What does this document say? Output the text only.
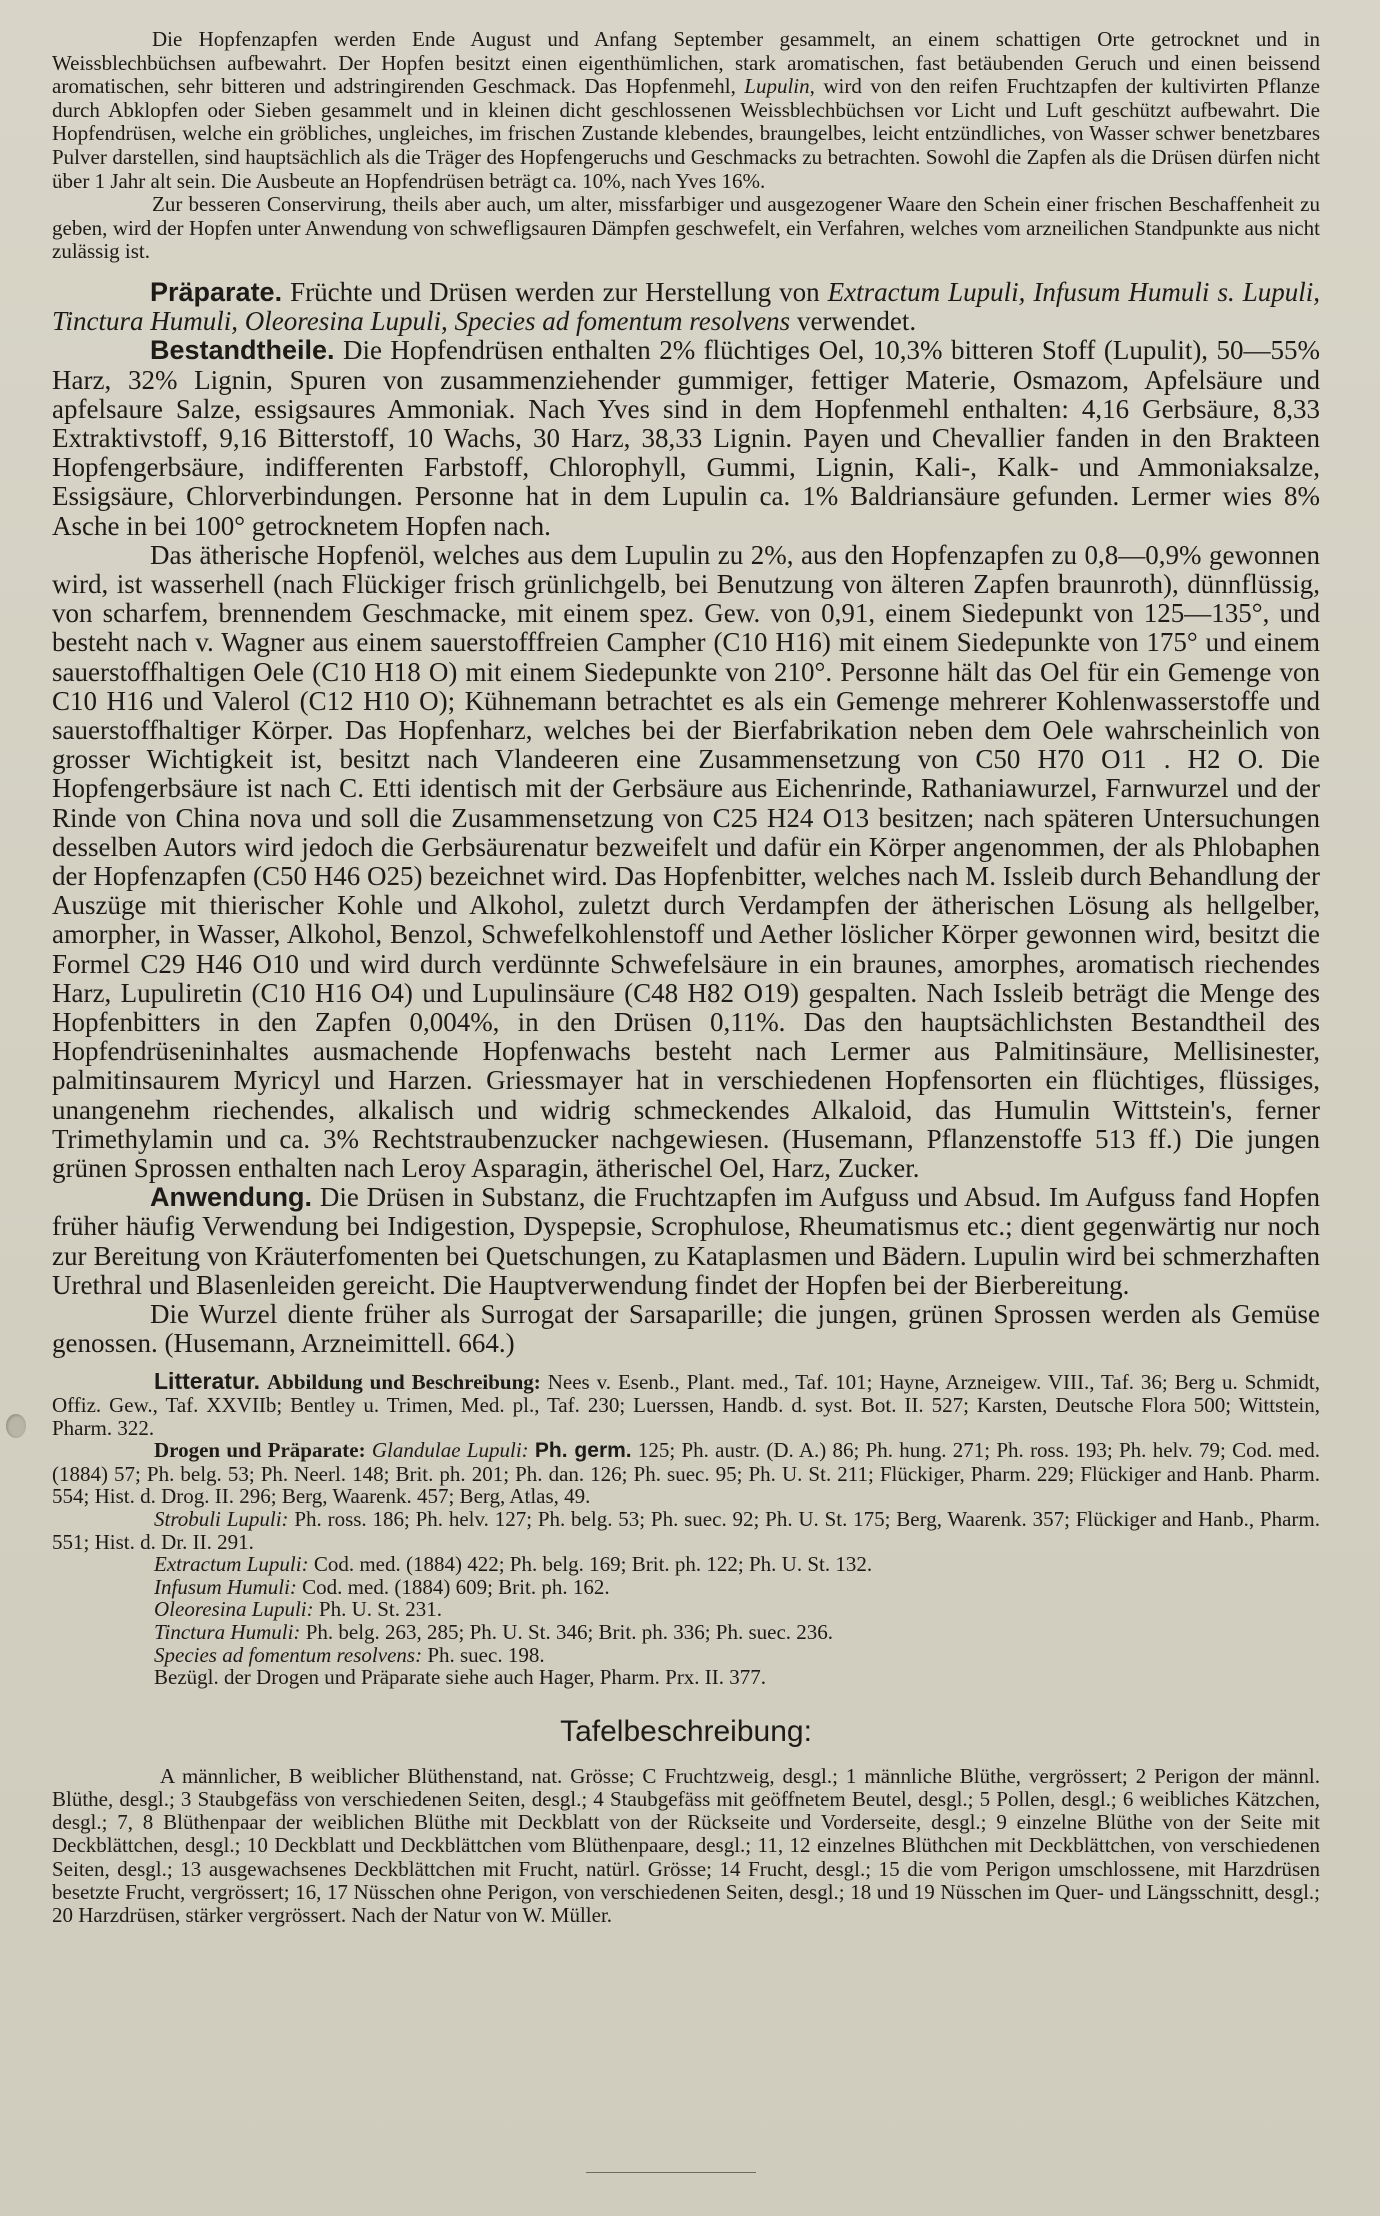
Die Hopfenzapfen werden Ende August und Anfang September gesammelt, an einem schattigen Orte getrocknet und in Weissblechbüchsen aufbewahrt. Der Hopfen besitzt einen eigenthümlichen, stark aromatischen, fast betäubenden Geruch und einen beissend aromatischen, sehr bitteren und adstringirenden Geschmack. Das Hopfenmehl, Lupulin, wird von den reifen Fruchtzapfen der kultivirten Pflanze durch Abklopfen oder Sieben gesammelt und in kleinen dicht geschlossenen Weissblechbüchsen vor Licht und Luft geschützt aufbewahrt. Die Hopfendrüsen, welche ein gröbliches, ungleiches, im frischen Zustande klebendes, braungelbes, leicht entzündliches, von Wasser schwer benetzbares Pulver darstellen, sind hauptsächlich als die Träger des Hopfengeruchs und Geschmacks zu betrachten. Sowohl die Zapfen als die Drüsen dürfen nicht über 1 Jahr alt sein. Die Ausbeute an Hopfendrüsen beträgt ca. 10%, nach Yves 16%.

Zur besseren Conservirung, theils aber auch, um alter, missfarbiger und ausgezogener Waare den Schein einer frischen Beschaffenheit zu geben, wird der Hopfen unter Anwendung von schwefligsauren Dämpfen geschwefelt, ein Verfahren, welches vom arzneilichen Standpunkte aus nicht zulässig ist.

Präparate. Früchte und Drüsen werden zur Herstellung von Extractum Lupuli, Infusum Humuli s. Lupuli, Tinctura Humuli, Oleoresina Lupuli, Species ad fomentum resolvens verwendet.

Bestandtheile. Die Hopfendrüsen enthalten 2% flüchtiges Oel, 10,3% bitteren Stoff (Lupulit), 50—55% Harz, 32% Lignin, Spuren von zusammenziehender gummiger, fettiger Materie, Osmazom, Apfelsäure und apfelsaure Salze, essigsaures Ammoniak. Nach Yves sind in dem Hopfenmehl enthalten: 4,16 Gerbsäure, 8,33 Extraktivstoff, 9,16 Bitterstoff, 10 Wachs, 30 Harz, 38,33 Lignin. Payen und Chevallier fanden in den Brakteen Hopfengerbsäure, indifferenten Farbstoff, Chlorophyll, Gummi, Lignin, Kali-, Kalk- und Ammoniaksalze, Essigsäure, Chlorverbindungen. Personne hat in dem Lupulin ca. 1% Baldriansäure gefunden. Lermer wies 8% Asche in bei 100° getrocknetem Hopfen nach.

Das ätherische Hopfenöl, welches aus dem Lupulin zu 2%, aus den Hopfenzapfen zu 0,8—0,9% gewonnen wird, ist wasserhell (nach Flückiger frisch grünlichgelb, bei Benutzung von älteren Zapfen braunroth), dünnflüssig, von scharfem, brennendem Geschmacke, mit einem spez. Gew. von 0,91, einem Siedepunkt von 125—135°, und besteht nach v. Wagner aus einem sauerstofffreien Campher (C10 H16) mit einem Siedepunkte von 175° und einem sauerstoffhaltigen Oele (C10 H18 O) mit einem Siedepunkte von 210°. Personne hält das Oel für ein Gemenge von C10 H16 und Valerol (C12 H10 O); Kühnemann betrachtet es als ein Gemenge mehrerer Kohlenwasserstoffe und sauerstoffhaltiger Körper. Das Hopfenharz, welches bei der Bierfabrikation neben dem Oele wahrscheinlich von grosser Wichtigkeit ist, besitzt nach Vlandeeren eine Zusammensetzung von C50 H70 O11 . H2 O. Die Hopfengerbsäure ist nach C. Etti identisch mit der Gerbsäure aus Eichenrinde, Rathaniawurzel, Farnwurzel und der Rinde von China nova und soll die Zusammensetzung von C25 H24 O13 besitzen; nach späteren Untersuchungen desselben Autors wird jedoch die Gerbsäurenatur bezweifelt und dafür ein Körper angenommen, der als Phlobaphen der Hopfenzapfen (C50 H46 O25) bezeichnet wird. Das Hopfenbitter, welches nach M. Issleib durch Behandlung der Auszüge mit thierischer Kohle und Alkohol, zuletzt durch Verdampfen der ätherischen Lösung als hellgelber, amorpher, in Wasser, Alkohol, Benzol, Schwefelkohlenstoff und Aether löslicher Körper gewonnen wird, besitzt die Formel C29 H46 O10 und wird durch verdünnte Schwefelsäure in ein braunes, amorphes, aromatisch riechendes Harz, Lupuliretin (C10 H16 O4) und Lupulinsäure (C48 H82 O19) gespalten. Nach Issleib beträgt die Menge des Hopfenbitters in den Zapfen 0,004%, in den Drüsen 0,11%. Das den hauptsächlichsten Bestandtheil des Hopfendrüseninhaltes ausmachende Hopfenwachs besteht nach Lermer aus Palmitinsäure, Mellisinester, palmitinsaurem Myricyl und Harzen. Griessmayer hat in verschiedenen Hopfensorten ein flüchtiges, flüssiges, unangenehm riechendes, alkalisch und widrig schmeckendes Alkaloid, das Humulin Wittstein's, ferner Trimethylamin und ca. 3% Rechtstraubenzucker nachgewiesen. (Husemann, Pflanzenstoffe 513 ff.) Die jungen grünen Sprossen enthalten nach Leroy Asparagin, ätherischel Oel, Harz, Zucker.

Anwendung. Die Drüsen in Substanz, die Fruchtzapfen im Aufguss und Absud. Im Aufguss fand Hopfen früher häufig Verwendung bei Indigestion, Dyspepsie, Scrophulose, Rheumatismus etc.; dient gegenwärtig nur noch zur Bereitung von Kräuterfomenten bei Quetschungen, zu Kataplasmen und Bädern. Lupulin wird bei schmerzhaften Urethral und Blasenleiden gereicht. Die Hauptverwendung findet der Hopfen bei der Bierbereitung.

Die Wurzel diente früher als Surrogat der Sarsaparille; die jungen, grünen Sprossen werden als Gemüse genossen. (Husemann, Arzneimittell. 664.)

Litteratur. Abbildung und Beschreibung: Nees v. Esenb., Plant. med., Taf. 101; Hayne, Arzneigew. VIII., Taf. 36; Berg u. Schmidt, Offiz. Gew., Taf. XXVIIb; Bentley u. Trimen, Med. pl., Taf. 230; Luerssen, Handb. d. syst. Bot. II. 527; Karsten, Deutsche Flora 500; Wittstein, Pharm. 322.

Drogen und Präparate: Glandulae Lupuli: Ph. germ. 125; Ph. austr. (D. A.) 86; Ph. hung. 271; Ph. ross. 193; Ph. helv. 79; Cod. med. (1884) 57; Ph. belg. 53; Ph. Neerl. 148; Brit. ph. 201; Ph. dan. 126; Ph. suec. 95; Ph. U. St. 211; Flückiger, Pharm. 229; Flückiger and Hanb. Pharm. 554; Hist. d. Drog. II. 296; Berg, Waarenk. 457; Berg, Atlas, 49.

Strobuli Lupuli: Ph. ross. 186; Ph. helv. 127; Ph. belg. 53; Ph. suec. 92; Ph. U. St. 175; Berg, Waarenk. 357; Flückiger and Hanb., Pharm. 551; Hist. d. Dr. II. 291.

Extractum Lupuli: Cod. med. (1884) 422; Ph. belg. 169; Brit. ph. 122; Ph. U. St. 132.

Infusum Humuli: Cod. med. (1884) 609; Brit. ph. 162.

Oleoresina Lupuli: Ph. U. St. 231.

Tinctura Humuli: Ph. belg. 263, 285; Ph. U. St. 346; Brit. ph. 336; Ph. suec. 236.

Species ad fomentum resolvens: Ph. suec. 198.

Bezügl. der Drogen und Präparate siehe auch Hager, Pharm. Prx. II. 377.

Tafelbeschreibung:

A männlicher, B weiblicher Blüthenstand, nat. Grösse; C Fruchtzweig, desgl.; 1 männliche Blüthe, vergrössert; 2 Perigon der männl. Blüthe, desgl.; 3 Staubgefäss von verschiedenen Seiten, desgl.; 4 Staubgefäss mit geöffnetem Beutel, desgl.; 5 Pollen, desgl.; 6 weibliches Kätzchen, desgl.; 7, 8 Blüthenpaar der weiblichen Blüthe mit Deckblatt von der Rückseite und Vorderseite, desgl.; 9 einzelne Blüthe von der Seite mit Deckblättchen, desgl.; 10 Deckblatt und Deckblättchen vom Blüthenpaare, desgl.; 11, 12 einzelnes Blüthchen mit Deckblättchen, von verschiedenen Seiten, desgl.; 13 ausgewachsenes Deckblättchen mit Frucht, natürl. Grösse; 14 Frucht, desgl.; 15 die vom Perigon umschlossene, mit Harzdrüsen besetzte Frucht, vergrössert; 16, 17 Nüsschen ohne Perigon, von verschiedenen Seiten, desgl.; 18 und 19 Nüsschen im Quer- und Längsschnitt, desgl.; 20 Harzdrüsen, stärker vergrössert. Nach der Natur von W. Müller.
